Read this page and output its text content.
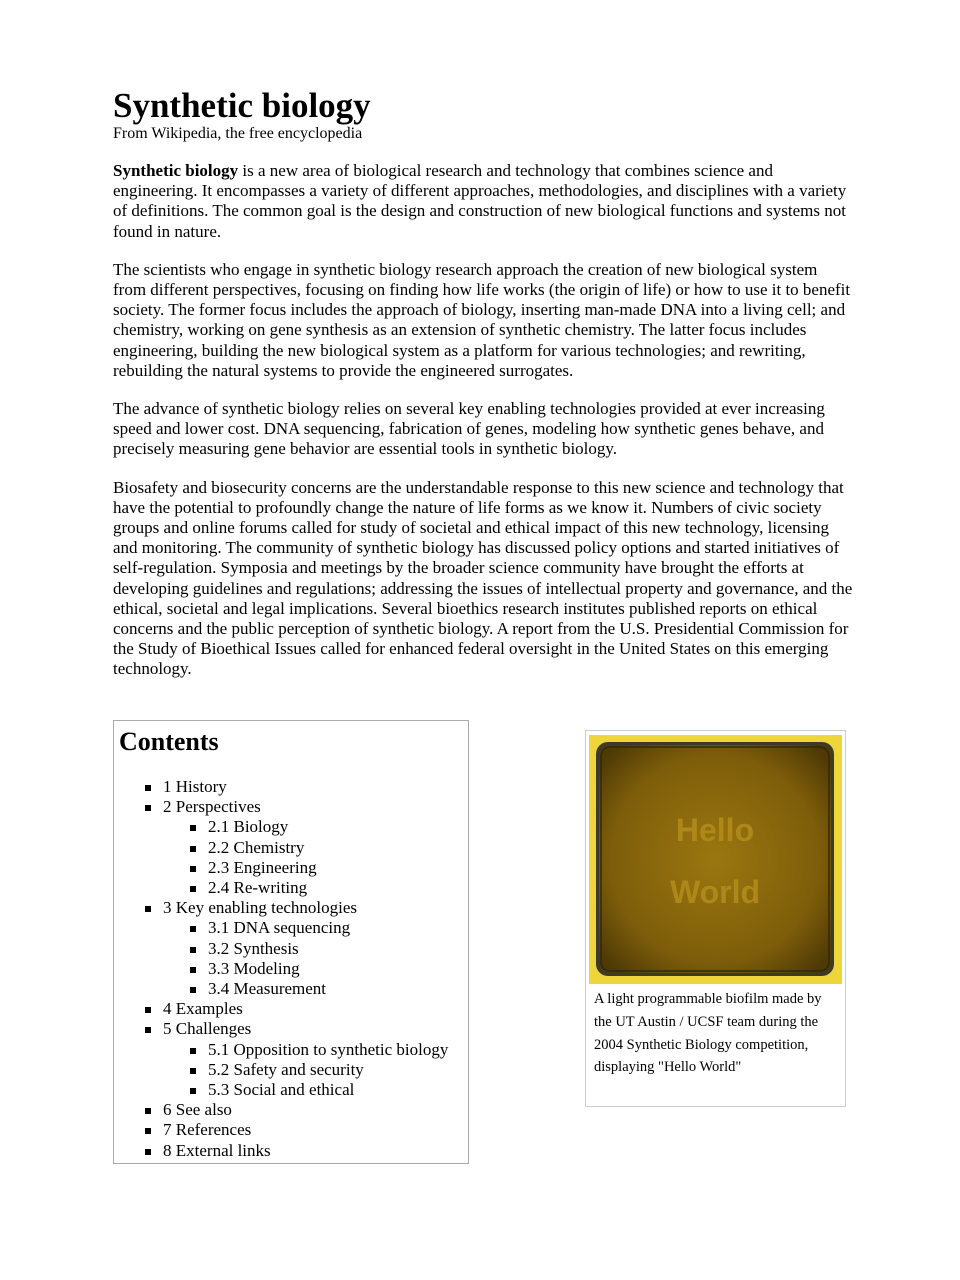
Synthetic biology
From Wikipedia, the free encyclopedia

Synthetic biology is a new area of biological research and technology that combines science and engineering. It encompasses a variety of different approaches, methodologies, and disciplines with a variety of definitions. The common goal is the design and construction of new biological functions and systems not found in nature.

The scientists who engage in synthetic biology research approach the creation of new biological system from different perspectives, focusing on finding how life works (the origin of life) or how to use it to benefit society. The former focus includes the approach of biology, inserting man-made DNA into a living cell; and chemistry, working on gene synthesis as an extension of synthetic chemistry. The latter focus includes engineering, building the new biological system as a platform for various technologies; and rewriting, rebuilding the natural systems to provide the engineered surrogates.

The advance of synthetic biology relies on several key enabling technologies provided at ever increasing speed and lower cost. DNA sequencing, fabrication of genes, modeling how synthetic genes behave, and precisely measuring gene behavior are essential tools in synthetic biology.

Biosafety and biosecurity concerns are the understandable response to this new science and technology that have the potential to profoundly change the nature of life forms as we know it. Numbers of civic society groups and online forums called for study of societal and ethical impact of this new technology, licensing and monitoring. The community of synthetic biology has discussed policy options and started initiatives of self-regulation. Symposia and meetings by the broader science community have brought the efforts at developing guidelines and regulations; addressing the issues of intellectual property and governance, and the ethical, societal and legal implications. Several bioethics research institutes published reports on ethical concerns and the public perception of synthetic biology. A report from the U.S. Presidential Commission for the Study of Bioethical Issues called for enhanced federal oversight in the United States on this emerging technology.

Contents
1 History
2 Perspectives
2.1 Biology
2.2 Chemistry
2.3 Engineering
2.4 Re-writing
3 Key enabling technologies
3.1 DNA sequencing
3.2 Synthesis
3.3 Modeling
3.4 Measurement
4 Examples
5 Challenges
5.1 Opposition to synthetic biology
5.2 Safety and security
5.3 Social and ethical
6 See also
7 References
8 External links
Hello
World
A light programmable biofilm made by the UT Austin / UCSF team during the 2004 Synthetic Biology competition, displaying "Hello World"
